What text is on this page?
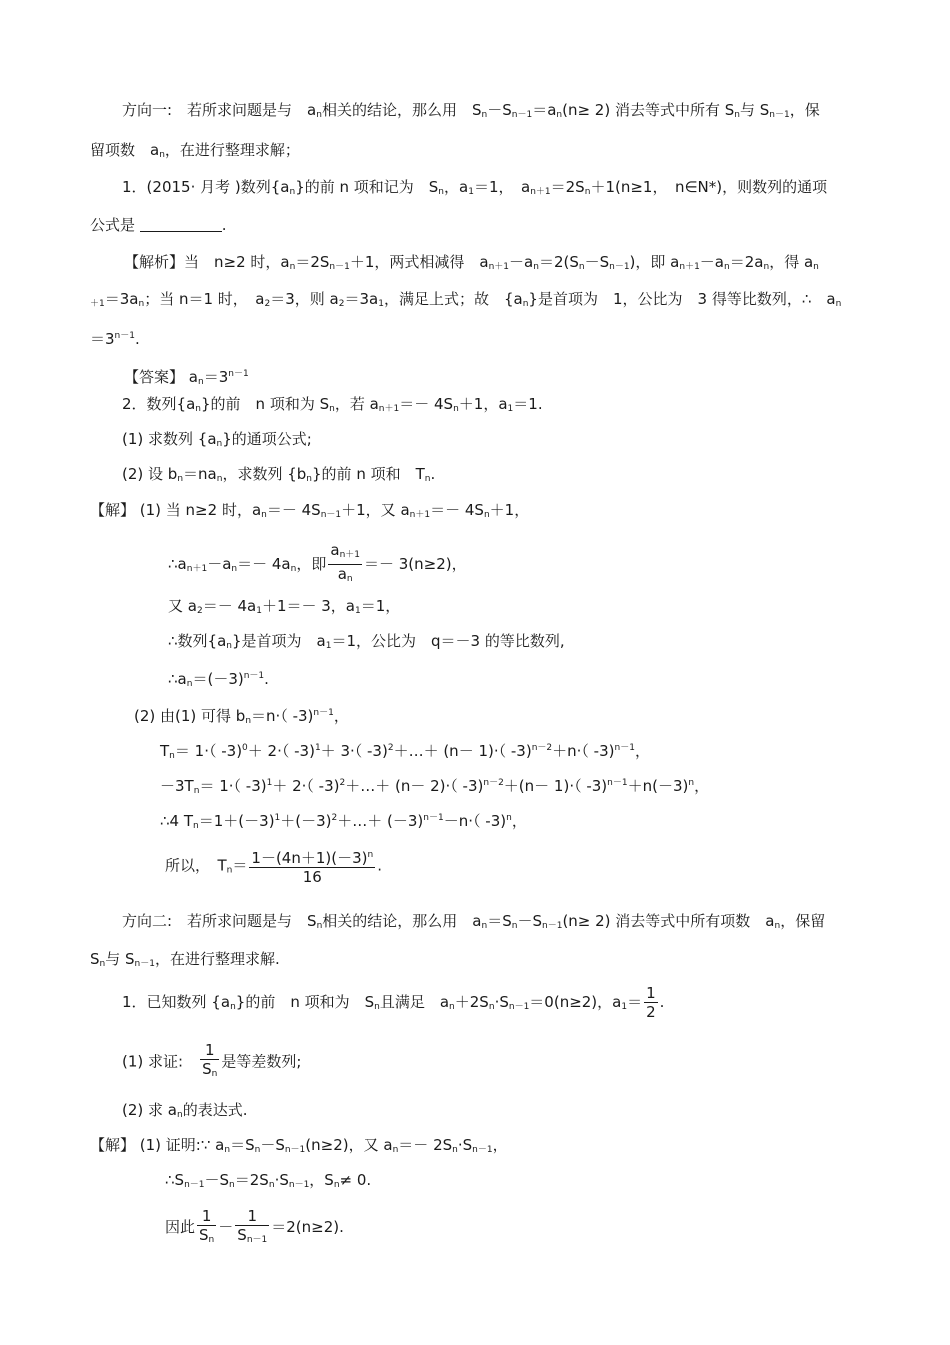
方向一:　若所求问题是与　$a_n$相关的结论，那么用　$S_n-S_{n-1}=a_n(n\ge 2)$ 消去等式中所有 $S_n$与 $S_{n-1}$，保
留项数　$a_n$，在进行整理求解；
1．(2015· 月考 )数列$\{a_n\}$的前 n 项和记为　$S_n$，$a_1=1$，　$a_{n+1}=2S_n+1(n\ge 1$，　n∈N*)，则数列的通项
公式是	.
【解析】当　n≥2 时，$a_n=2S_{n-1}+1$，两式相减得　$a_{n+1}-a_n=2(S_n-S_{n-1})$，即 $a_{n+1}-a_n=2a_n$，得 $a_n$
$_{+1}=3a_n$；当 n＝1 时，　$a_2=3$，则 $a_2=3a_1$，满足上式；故　$\{a_n\}$是首项为　1，公比为　3 得等比数列，∴　$a_n$
$=3^{n-1}$.
【答案】 $a_n=3^{n-1}$
2．数列$\{a_n\}$的前　n 项和为 $S_n$，若 $a_{n+1}=- 4S_n+1$，$a_1=1$.
(1) 求数列 $\{a_n\}$的通项公式;
(2) 设 $b_n=na_n$，求数列 $\{b_n\}$的前 n 项和　$T_n$.
【解】 (1) 当 n≥2 时，$a_n=- 4S_{n-1}+1$，又 $a_{n+1}=- 4S_n+1$，
$\therefore a_{n+1}-a_n=- 4a_n$，即 $\frac{a_{n+1}}{a_n} =- 3(n\ge 2)$，
又 $a_2=- 4a_1+1=- 3$，$a_1=1$，
∴数列$\{a_n\}$是首项为　$a_1=1$，公比为　q＝－3 的等比数列,
$\therefore a_n=(-3)^{n-1}$.
(2) 由(1) 可得 $b_n=n\cdot$（ -3)$^{n-1}$，
$T_n= 1\cdot$（ -3)$^0$＋ 2·（ -3)$^1$＋ 3·（ -3)$^2$＋…＋ (n－ 1)·（ -3)$^{n-2}$＋n·（ -3)$^{n-1}$，
$-3T_n= 1\cdot$（ -3)$^1$＋ 2·（ -3)$^2$＋…＋ (n－ 2)·（ -3)$^{n-2}$＋(n－ 1)·（ $-3)^{n-1}+n(-3)^n$，
∴4 $T_n=1+(-3)^1+(-3)^2+\dots+ (-3)^{n-1}-n\cdot$（ -3)$^n$，
所以，　$T_n= \frac{1-(4n+1)(-3)^n}{16}$ .
方向二:　若所求问题是与　$S_n$相关的结论，那么用　$a_n=S_n-S_{n-1}(n\ge 2)$ 消去等式中所有项数　$a_n$，保留
$S_n$与 $S_{n-1}$，在进行整理求解.
1．已知数列 $\{a_n\}$的前　n 项和为　$S_n$且满足　$a_n+2S_n\cdot S_{n-1}=0(n\ge 2)$，$a_1= \frac{1}{2}$ .
(1) 求证:　 $\frac{1}{S_n}$ 是等差数列;
(2) 求 $a_n$的表达式.
【解】 (1) 证明:∵ $a_n=S_n-S_{n-1}(n\ge 2)$，又 $a_n=- 2S_n\cdot S_{n-1}$，
$\therefore S_{n-1}-S_n=2S_n\cdot S_{n-1}$，$S_n\ne 0$.
因此 $\frac{1}{S_n} - \frac{1}{S_{n-1}} =2(n\ge 2)$.
